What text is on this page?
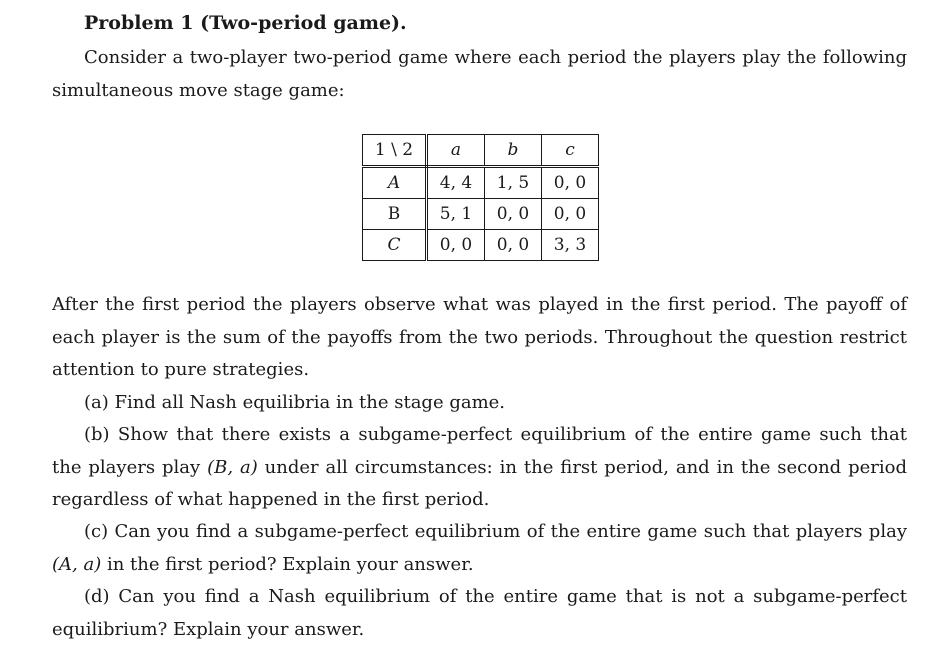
Problem 1 (Two-period game).
Consider a two-player two-period game where each period the players play the following simultaneous move stage game:
1 \ 2	a	b	c
A	4, 4	1, 5	0, 0
B	5, 1	0, 0	0, 0
C	0, 0	0, 0	3, 3
After the first period the players observe what was played in the first period. The payoff of each player is the sum of the payoffs from the two periods. Throughout the question restrict attention to pure strategies.
(a) Find all Nash equilibria in the stage game.
(b) Show that there exists a subgame-perfect equilibrium of the entire game such that the players play (B, a) under all circumstances: in the first period, and in the second period regardless of what happened in the first period.
(c) Can you find a subgame-perfect equilibrium of the entire game such that players play (A, a) in the first period? Explain your answer.
(d) Can you find a Nash equilibrium of the entire game that is not a subgame-perfect equilibrium? Explain your answer.
